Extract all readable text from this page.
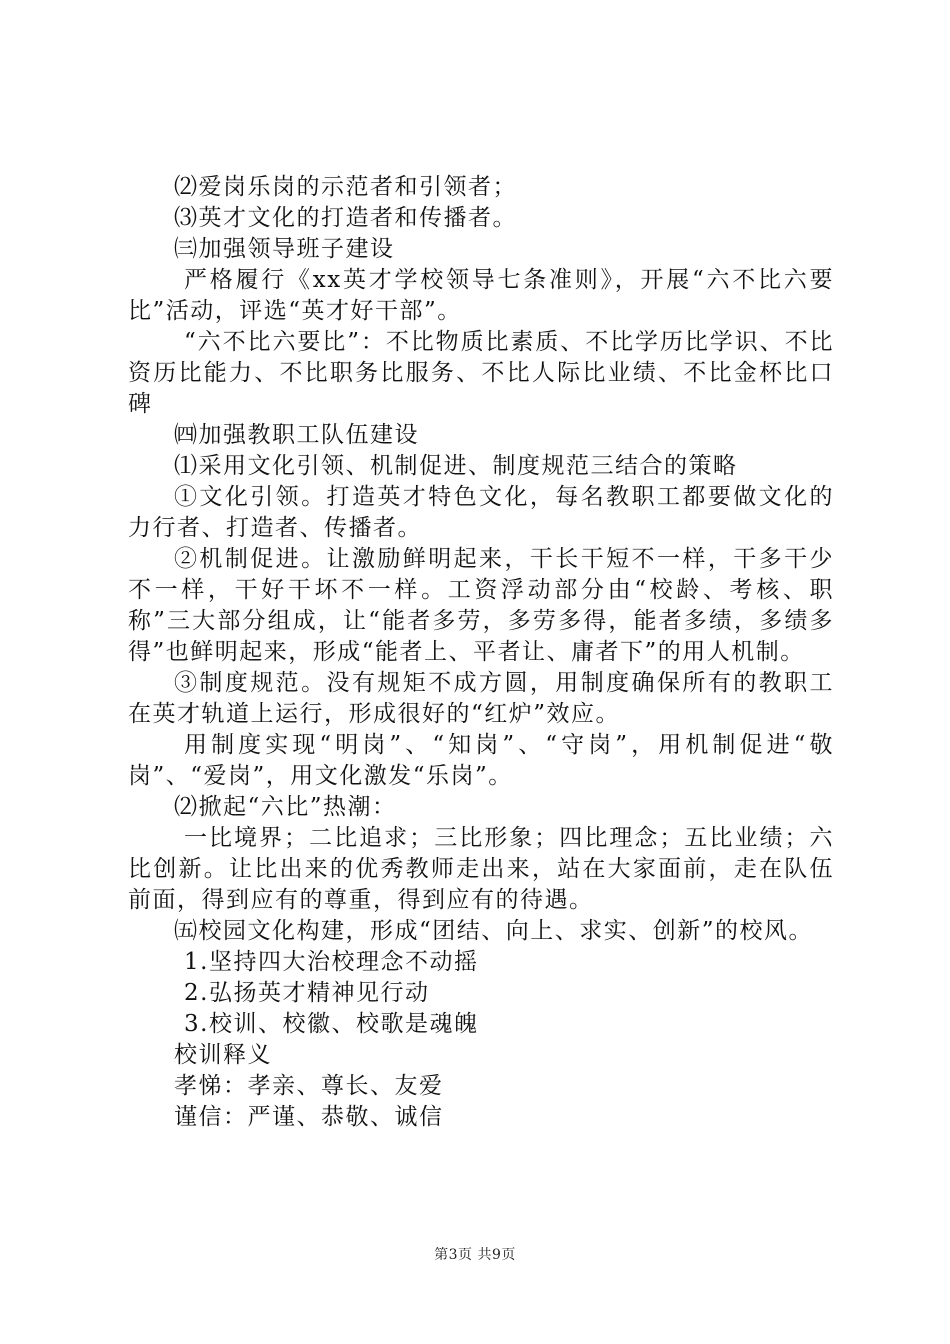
⑵爱岗乐岗的示范者和引领者；

⑶英才文化的打造者和传播者。

㈢加强领导班子建设

严格履行《xx英才学校领导七条准则》，开展“六不比六要比”活动，评选“英才好干部”。

“六不比六要比”：不比物质比素质、不比学历比学识、不比资历比能力、不比职务比服务、不比人际比业绩、不比金杯比口碑

㈣加强教职工队伍建设

⑴采用文化引领、机制促进、制度规范三结合的策略

①文化引领。打造英才特色文化，每名教职工都要做文化的力行者、打造者、传播者。

②机制促进。让激励鲜明起来，干长干短不一样，干多干少不一样，干好干坏不一样。工资浮动部分由“校龄、考核、职称”三大部分组成，让“能者多劳，多劳多得，能者多绩，多绩多得”也鲜明起来，形成“能者上、平者让、庸者下”的用人机制。

③制度规范。没有规矩不成方圆，用制度确保所有的教职工在英才轨道上运行，形成很好的“红炉”效应。

用制度实现“明岗”、“知岗”、“守岗”，用机制促进“敬岗”、“爱岗”，用文化激发“乐岗”。

⑵掀起“六比”热潮：

一比境界；二比追求；三比形象；四比理念；五比业绩；六比创新。让比出来的优秀教师走出来，站在大家面前，走在队伍前面，得到应有的尊重，得到应有的待遇。

㈤校园文化构建，形成“团结、向上、求实、创新”的校风。

1.坚持四大治校理念不动摇

2.弘扬英才精神见行动

3.校训、校徽、校歌是魂魄

校训释义

孝悌：孝亲、尊长、友爱

谨信：严谨、恭敬、诚信

第3页 共9页
